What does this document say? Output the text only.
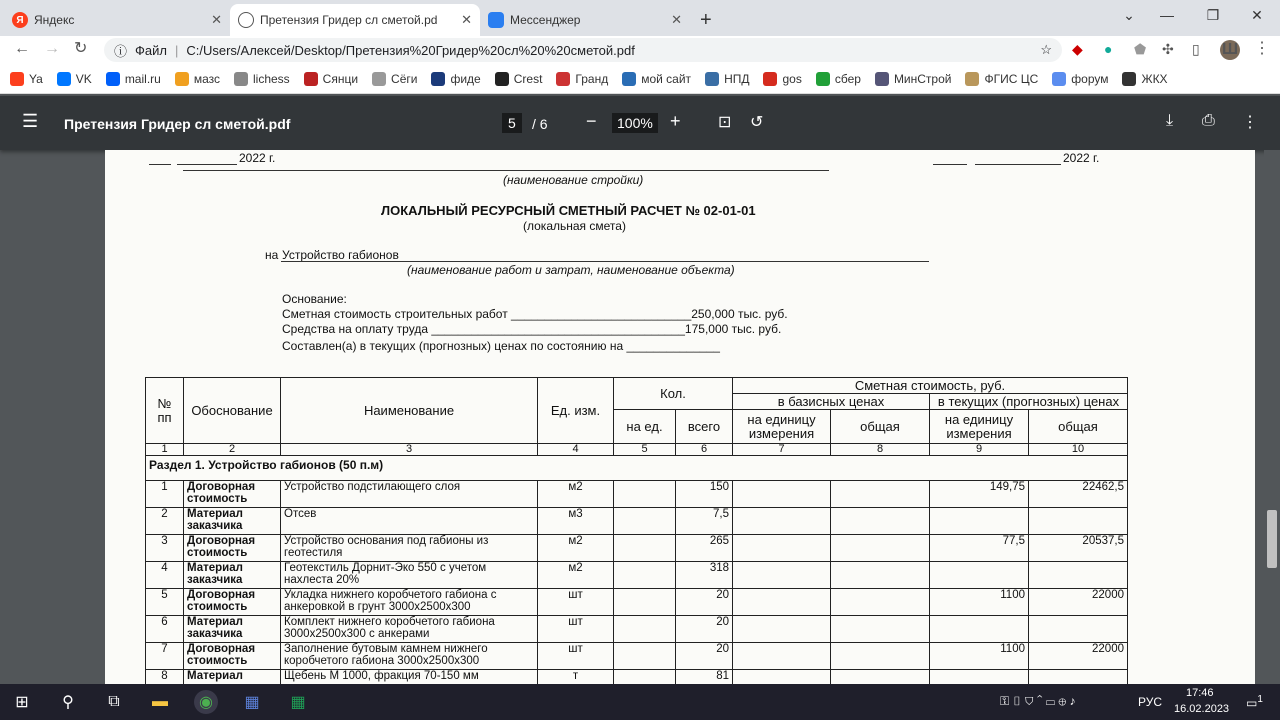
Я Яндекс	✕	Претензия Гридер сл сметой.pd ✕	Мессенджер	✕ +	⌄	—	❐	✕
← → ↻ ⓘ Файл | C:/Users/Алексей/Desktop/Претензия%20Гридер%20сл%20%20сметой.pdf	☆ ◆ ● ⬟ ✣ ▯ Ш ⋮
Ya	VK	mail.ru	мазс	lichess	Сянци	Сёги	фиде	Crest	Гранд	мой сайт	НПД	gos	сбер	МинСтрой	ФГИС ЦС	форум	ЖКХ
☰ Претензия Гридер сл сметой.pdf	5	/ 6 −	100% + ⊡ ↺	⤓ ⎙ ⋮
2022 г.	2022 г.
(наименование стройки)
ЛОКАЛЬНЫЙ РЕСУРСНЫЙ СМЕТНЫЙ РАСЧЕТ № 02-01-01
(локальная смета)
на Устройство габионов
(наименование работ и затрат, наименование объекта)
Основание:
Сметная стоимость строительных работ ___________________________250,000 тыс. руб.
Средства на оплату труда ______________________________________175,000 тыс. руб.
Составлен(а) в текущих (прогнозных) ценах по состоянию на ______________
№ пп	Обоснование	Наименование	Ед. изм.	Кол.		Сметная стоимость, руб.			
						в базисных ценах		в текущих (прогнозных) ценах	
				на ед.	всего	на единицу измерения	общая	на единицу измерения	общая
1	2	3	4	5	6	7	8	9	10
Раздел 1. Устройство габионов (50 п.м)									
1	Договорная стоимость	Устройство подстилающего слоя	м2		150			149,75	22462,5
2	Материал заказчика	Отсев	м3		7,5				
3	Договорная стоимость	Устройство основания под габионы из геотестиля	м2		265			77,5	20537,5
4	Материал заказчика	Геотекстиль Дорнит-Эко 550 с учетом нахлеста 20%	м2		318				
5	Договорная стоимость	Укладка нижнего коробчетого габиона с анкеровкой в грунт 3000х2500х300	шт		20			1100	22000
6	Материал заказчика	Комплект нижнего коробчетого габиона 3000х2500х300 с анкерами	шт		20				
7	Договорная стоимость	Заполнение бутовым камнем нижнего коробчетого габиона 3000х2500х300	шт		20			1100	22000
8	Материал	Щебень М 1000, фракция 70-150 мм	т		81				
⊞	⚲	⧉	▬	◉	▦ ▦	⚿ ▯ ⛉ ⌃ ▭ ⊕ ♪	РУС
17:46
16.02.2023 ▭$^1$
